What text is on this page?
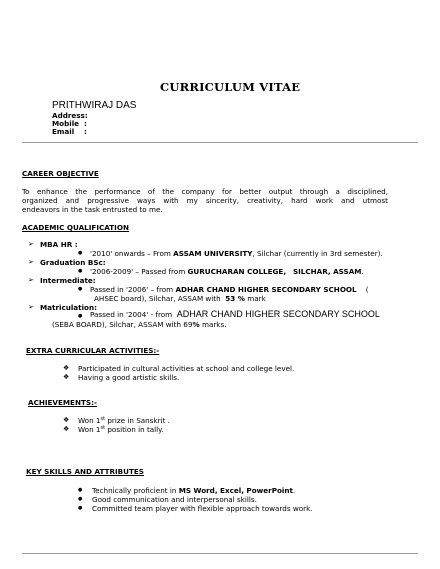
CURRICULUM VITAE
PRITHWIRAJ DAS
Address:
Mobile :
Email :
CAREER OBJECTIVE
To enhance the performance of the company for better output through a disciplined,
organized and progressive ways with my sincerity, creativity, hard work and utmost
endeavors in the task entrusted to me.
ACADEMIC QUALIFICATION
➢ MBA HR :
● '2010' onwards – From ASSAM UNIVERSITY, Silchar (currently in 3rd semester).
➢ Graduation BSc:
● '2006-2009' – Passed from GURUCHARAN COLLEGE, SILCHAR, ASSAM.
➢ Intermediate:
● Passed in '2006' – from ADHAR CHAND HIGHER SECONDARY SCHOOL (
AHSEC board), Silchar, ASSAM with 53 % mark
➢ Matriculation:
● Passed in '2004' - from ADHAR CHAND HIGHER SECONDARY SCHOOL
(SEBA BOARD), Silchar, ASSAM with 69% marks.
EXTRA CURRICULAR ACTIVITIES:-
❖ Participated in cultural activities at school and college level.
❖ Having a good artistic skills.
ACHIEVEMENTS:-
❖ Won 1st prize in Sanskrit .
❖ Won 1st position in tally.
KEY SKILLS AND ATTRIBUTES
● Technically proficient in MS Word, Excel, PowerPoint.
● Good communication and interpersonal skills.
● Committed team player with flexible approach towards work.
